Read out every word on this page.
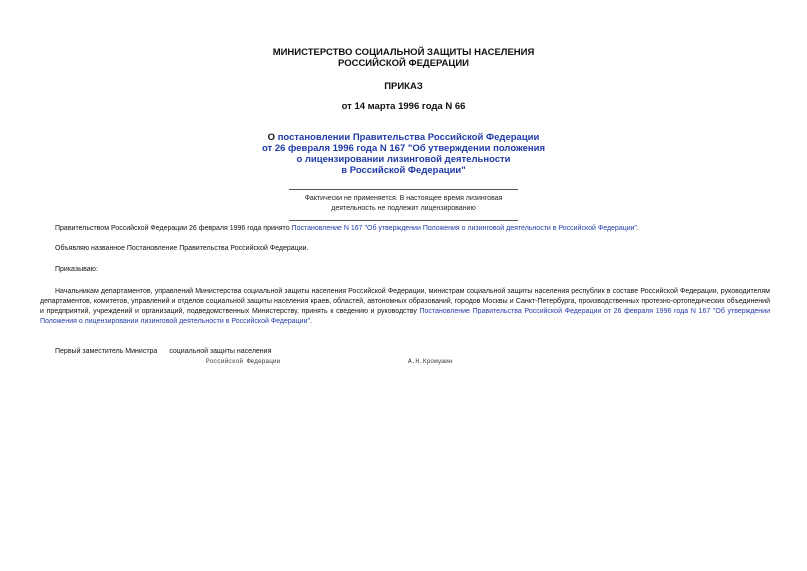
МИНИСТЕРСТВО СОЦИАЛЬНОЙ ЗАЩИТЫ НАСЕЛЕНИЯ
РОССИЙСКОЙ ФЕДЕРАЦИИ
ПРИКАЗ
от 14 марта 1996 года N 66
О постановлении Правительства Российской Федерации
от 26 февраля 1996 года N 167 "Об утверждении положения
о лицензировании лизинговой деятельности
в Российской Федерации"
Фактически не применяется. В настоящее время лизинговая
деятельность не подлежит лицензированию
Правительством Российской Федерации 26 февраля 1996 года принято Постановление N 167 "Об утверждении Положения о лизинговой деятельности в Российской Федерации".
Объявляю названное Постановление Правительства Российской Федерации.
Приказываю:
Начальникам департаментов, управлений Министерства социальной защиты населения Российской Федерации, министрам социальной защиты населения республик в составе Российской Федерации, руководителям департаментов, комитетов, управлений и отделов социальной защиты населения краев, областей, автономных образований, городов Москвы и Санкт-Петербурга, производственных протезно-ортопедических объединений и предприятий, учреждений и организаций, подведомственных Министерству, принять к сведению и руководству Постановление Правительства Российской Федерации от 26 февраля 1996 года N 167 "Об утверждении Положения о лицензировании лизинговой деятельности в Российской Федерации".
Первый заместитель Министра социальной защиты населения
Российской Федерации	А.Н.Кромушин
